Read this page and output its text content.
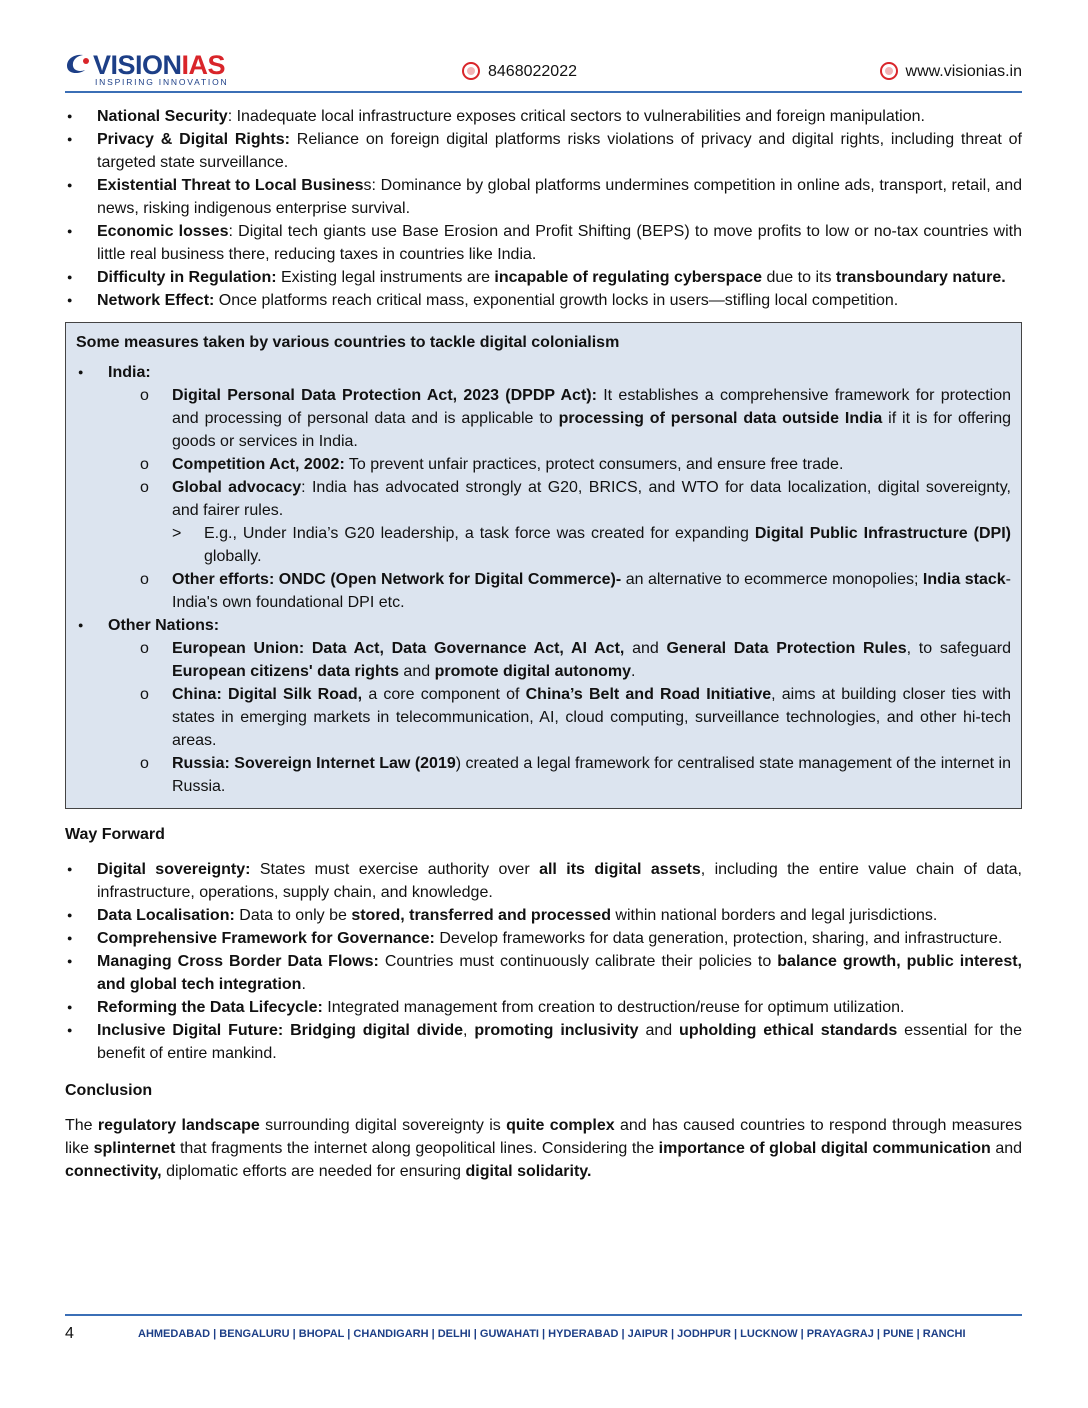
VISIONIAS
INSPIRING INNOVATION
8468022022	www.visionias.in
● National Security: Inadequate local infrastructure exposes critical sectors to vulnerabilities and foreign manipulation.
● Privacy & Digital Rights: Reliance on foreign digital platforms risks violations of privacy and digital rights, including threat of targeted state surveillance.
● Existential Threat to Local Business: Dominance by global platforms undermines competition in online ads, transport, retail, and news, risking indigenous enterprise survival.
● Economic losses: Digital tech giants use Base Erosion and Profit Shifting (BEPS) to move profits to low or no-tax countries with little real business there, reducing taxes in countries like India.
● Difficulty in Regulation: Existing legal instruments are incapable of regulating cyberspace due to its transboundary nature.
● Network Effect: Once platforms reach critical mass, exponential growth locks in users—stifling local competition.
Some measures taken by various countries to tackle digital colonialism
● India:
o Digital Personal Data Protection Act, 2023 (DPDP Act): It establishes a comprehensive framework for protection and processing of personal data and is applicable to processing of personal data outside India if it is for offering goods or services in India.
o Competition Act, 2002: To prevent unfair practices, protect consumers, and ensure free trade.
o Global advocacy: India has advocated strongly at G20, BRICS, and WTO for data localization, digital sovereignty, and fairer rules.
> E.g., Under India’s G20 leadership, a task force was created for expanding Digital Public Infrastructure (DPI) globally.
o Other efforts: ONDC (Open Network for Digital Commerce)- an alternative to ecommerce monopolies; India stack- India's own foundational DPI etc.
● Other Nations:
o European Union: Data Act, Data Governance Act, AI Act, and General Data Protection Rules, to safeguard European citizens' data rights and promote digital autonomy.
o China: Digital Silk Road, a core component of China’s Belt and Road Initiative, aims at building closer ties with states in emerging markets in telecommunication, AI, cloud computing, surveillance technologies, and other hi-tech areas.
o Russia: Sovereign Internet Law (2019) created a legal framework for centralised state management of the internet in Russia.
Way Forward
● Digital sovereignty: States must exercise authority over all its digital assets, including the entire value chain of data, infrastructure, operations, supply chain, and knowledge.
● Data Localisation: Data to only be stored, transferred and processed within national borders and legal jurisdictions.
● Comprehensive Framework for Governance: Develop frameworks for data generation, protection, sharing, and infrastructure.
● Managing Cross Border Data Flows: Countries must continuously calibrate their policies to balance growth, public interest, and global tech integration.
● Reforming the Data Lifecycle: Integrated management from creation to destruction/reuse for optimum utilization.
● Inclusive Digital Future: Bridging digital divide, promoting inclusivity and upholding ethical standards essential for the benefit of entire mankind.
Conclusion

The regulatory landscape surrounding digital sovereignty is quite complex and has caused countries to respond through measures like splinternet that fragments the internet along geopolitical lines. Considering the importance of global digital communication and connectivity, diplomatic efforts are needed for ensuring digital solidarity.

4	AHMEDABAD | BENGALURU | BHOPAL | CHANDIGARH | DELHI | GUWAHATI | HYDERABAD | JAIPUR | JODHPUR | LUCKNOW | PRAYAGRAJ | PUNE | RANCHI
